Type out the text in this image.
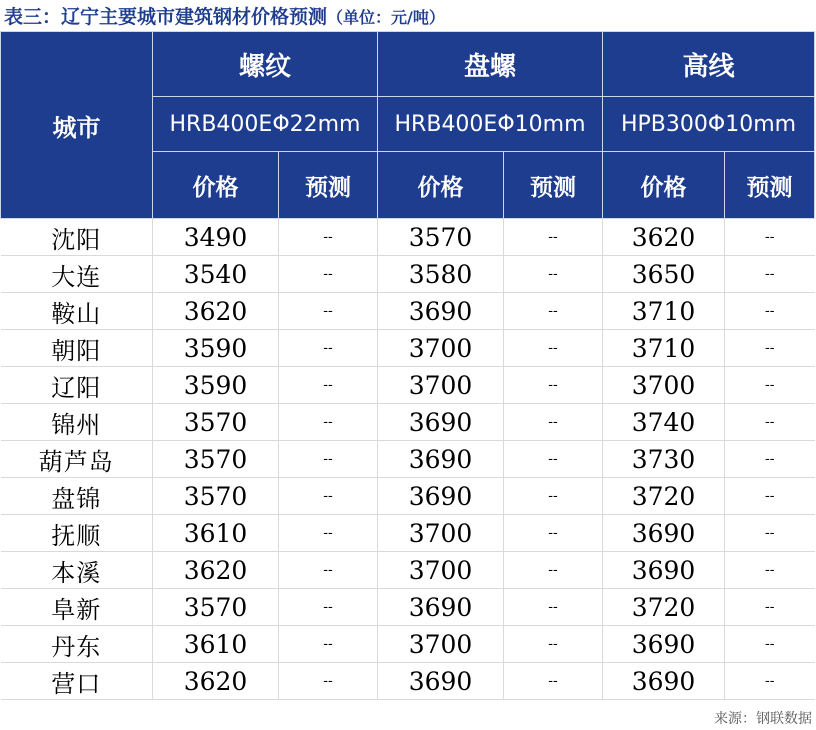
表三：辽宁主要城市建筑钢材价格预测（单位：元/吨）
城市	螺纹		盘螺		高线	
	HRB400EΦ22mm		HRB400EΦ10mm		HPB300Φ10mm	
	价格	预测	价格	预测	价格	预测
沈阳	3490	--	3570	--	3620	--
大连	3540	--	3580	--	3650	--
鞍山	3620	--	3690	--	3710	--
朝阳	3590	--	3700	--	3710	--
辽阳	3590	--	3700	--	3700	--
锦州	3570	--	3690	--	3740	--
葫芦岛	3570	--	3690	--	3730	--
盘锦	3570	--	3690	--	3720	--
抚顺	3610	--	3700	--	3690	--
本溪	3620	--	3700	--	3690	--
阜新	3570	--	3690	--	3720	--
丹东	3610	--	3700	--	3690	--
营口	3620	--	3690	--	3690	--
来源：钢联数据
